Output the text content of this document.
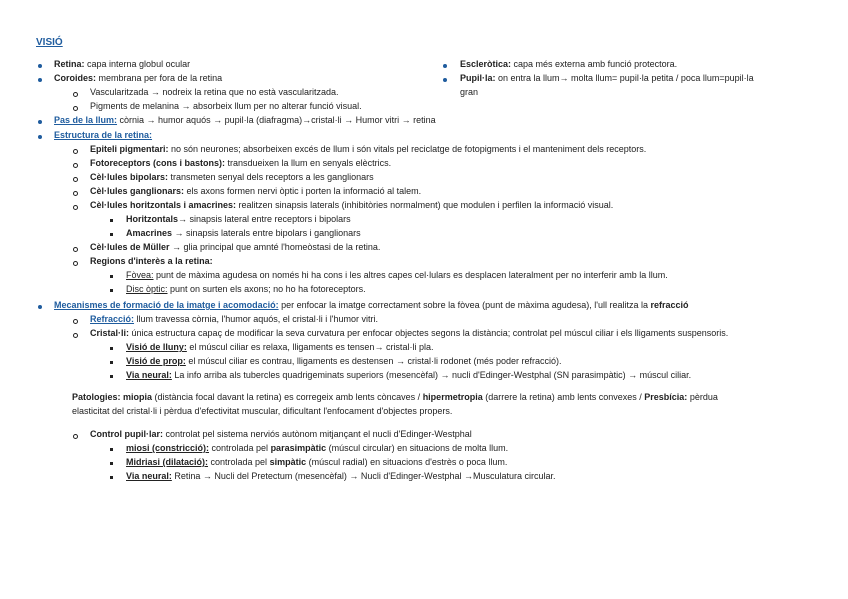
VISIÓ
Retina: capa interna globul ocular
Coroides: membrana per fora de la retina
Vascularitzada → nodreix la retina que no està vascularitzada.
Pigments de melanina → absorbeix llum per no alterar funció visual.
Escleròtica: capa més externa amb funció protectora.
Pupil·la: on entra la llum→ molta llum= pupil·la petita / poca llum=pupil·la
gran
Pas de la llum: còrnia → humor aquós → pupil·la (diafragma)→cristal·li → Humor vitri → retina
Estructura de la retina:
Epiteli pigmentari: no són neurones; absorbeixen excés de llum i són vitals pel reciclatge de fotopigments i el manteniment dels receptors.
Fotoreceptors (cons i bastons): transdueixen la llum en senyals elèctrics.
Cèl·lules bipolars: transmeten senyal dels receptors a les ganglionars
Cèl·lules ganglionars: els axons formen nervi òptic i porten la informació al talem.
Cèl·lules horitzontals i amacrines: realitzen sinapsis laterals (inhibitòries normalment) que modulen i perfilen la informació visual.
Horitzontals→ sinapsis lateral entre receptors i bipolars
Amacrines → sinapsis laterals entre bipolars i ganglionars
Cèl·lules de Müller → glia principal que amnté l'homeòstasi de la retina.
Regions d'interès a la retina:
Fòvea: punt de màxima agudesa on només hi ha cons i les altres capes cel·lulars es desplacen lateralment per no interferir amb la llum.
Disc òptic: punt on surten els axons; no ho ha fotoreceptors.
Mecanismes de formació de la imatge i acomodació: per enfocar la imatge correctament sobre la fòvea (punt de màxima agudesa), l'ull realitza la refracció
Refracció: llum travessa còrnia, l'humor aquós, el cristal·li i l'humor vitri.
Cristal·li: única estructura capaç de modificar la seva curvatura per enfocar objectes segons la distància; controlat pel múscul ciliar i els lligaments suspensoris.
Visió de lluny: el múscul ciliar es relaxa, lligaments es tensen→ cristal·li pla.
Visió de prop: el múscul ciliar es contrau, lligaments es destensen → cristal·li rodonet (més poder refracció).
Via neural: La info arriba als tubercles quadrigeminats superiors (mesencèfal) → nucli d'Edinger-Westphal (SN parasimpàtic) → múscul ciliar.
Patologies: miopia (distància focal davant la retina) es corregeix amb lents còncaves / hipermetropia (darrere la retina) amb lents convexes / Presbícia: pèrdua
elasticitat del cristal·li i pèrdua d'efectivitat muscular, dificultant l'enfocament d'objectes propers.
Control pupil·lar: controlat pel sistema nerviós autònom mitjançant el nucli d'Edinger-Westphal
miosi (constricció): controlada pel parasimpàtic (múscul circular) en situacions de molta llum.
Midriasi (dilatació): controlada pel simpàtic (múscul radial) en situacions d'estrès o poca llum.
Via neural: Retina → Nucli del Pretectum (mesencèfal) → Nucli d'Edinger-Westphal →Musculatura circular.
